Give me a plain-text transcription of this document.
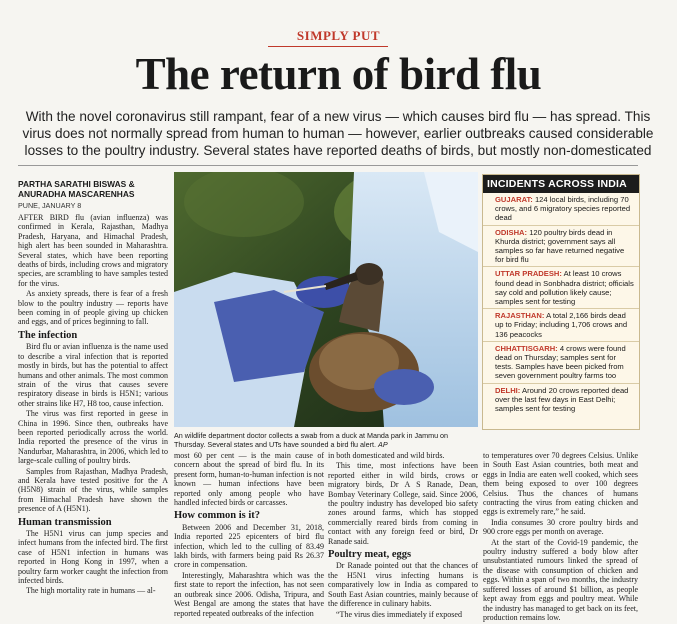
SIMPLY PUT
The return of bird flu
With the novel coronavirus still rampant, fear of a new virus — which causes bird flu — has spread. This virus does not normally spread from human to human — however, earlier outbreaks caused considerable losses to the poultry industry. Several states have reported deaths of birds, but mostly non-domesticated
PARTHA SARATHI BISWAS &
ANURADHA MASCARENHAS
PUNE, JANUARY 8

AFTER BIRD flu (avian influenza) was confirmed in Kerala, Rajasthan, Madhya Pradesh, Haryana, and Himachal Pradesh, high alert has been sounded in Maharashtra. Several states, which have been reporting deaths of birds, including crows and migratory species, are scrambling to have samples tested for the virus.

As anxiety spreads, there is fear of a fresh blow to the poultry industry — reports have been coming in of people giving up chicken and eggs, and of prices beginning to fall.

The infection

Bird flu or avian influenza is the name used to describe a viral infection that is reported mostly in birds, but has the potential to affect humans and other animals. The most common strain of the virus that causes severe respiratory disease in birds is H5N1; various other strains like H7, H8 too, cause infection.

The virus was first reported in geese in China in 1996. Since then, outbreaks have been reported periodically across the world. India reported the presence of the virus in Nandurbar, Maharashtra, in 2006, which led to large-scale culling of poultry birds.

Samples from Rajasthan, Madhya Pradesh, and Kerala have tested positive for the A (H5N8) strain of the virus, while samples from Himachal Pradesh have shown the presence of A (H5N1).

Human transmission

The H5N1 virus can jump species and infect humans from the infected bird. The first case of H5N1 infection in humans was reported in Hong Kong in 1997, when a poultry farm worker caught the infection from infected birds.

The high mortality rate in humans — al-

An wildlife department doctor collects a swab from a duck at Manda park in Jammu on Thursday. Several states and UTs have sounded a bird flu alert. AP
INCIDENTS ACROSS INDIA
GUJARAT: 124 local birds, including 70 crows, and 6 migratory species reported dead
ODISHA: 120 poultry birds dead in Khurda district; government says all samples so far have returned negative for bird flu
UTTAR PRADESH: At least 10 crows found dead in Sonbhadra district; officials say cold and pollution likely cause; samples sent for testing
RAJASTHAN: A total 2,166 birds dead up to Friday; including 1,706 crows and 136 peacocks
CHHATTISGARH: 4 crows were found dead on Thursday; samples sent for tests. Samples have been picked from seven government poultry farms too
DELHI: Around 20 crows reported dead over the last few days in East Delhi; samples sent for testing

most 60 per cent — is the main cause of concern about the spread of bird flu. In its present form, human-to-human infection is not known — human infections have been reported only among people who have handled infected birds or carcasses.

How common is it?

Between 2006 and December 31, 2018, India reported 225 epicenters of bird flu infection, which led to the culling of 83.49 lakh birds, with farmers being paid Rs 26.37 crore in compensation.

Interestingly, Maharashtra which was the first state to report the infection, has not seen an outbreak since 2006. Odisha, Tripura, and West Bengal are among the states that have reported repeated outbreaks of the infection

in both domesticated and wild birds.

This time, most infections have been reported either in wild birds, crows or migratory birds, Dr A S Ranade, Dean, Bombay Veterinary College, said. Since 2006, the poultry industry has developed bio safety zones around farms, which has stopped commercially reared birds from coming in contact with any foreign feed or bird, Dr Ranade said.

Poultry meat, eggs

Dr Ranade pointed out that the chances of the H5N1 virus infecting humans is comparatively low in India as compared to South East Asian countries, mainly because of the difference in culinary habits.

“The virus dies immediately if exposed

to temperatures over 70 degrees Celsius. Unlike in South East Asian countries, both meat and eggs in India are eaten well cooked, which sees them being exposed to over 100 degrees Celsius. Thus the chances of humans contracting the virus from eating chicken and eggs is extremely rare,” he said.

India consumes 30 crore poultry birds and 900 crore eggs per month on average.

At the start of the Covid-19 pandemic, the poultry industry suffered a body blow after unsubstantiated rumours linked the spread of the disease with consumption of chicken and eggs. Within a span of two months, the industry suffered losses of around $1 billion, as people kept away from eggs and poultry meat. While the industry has managed to get back on its feet, production remains low.
